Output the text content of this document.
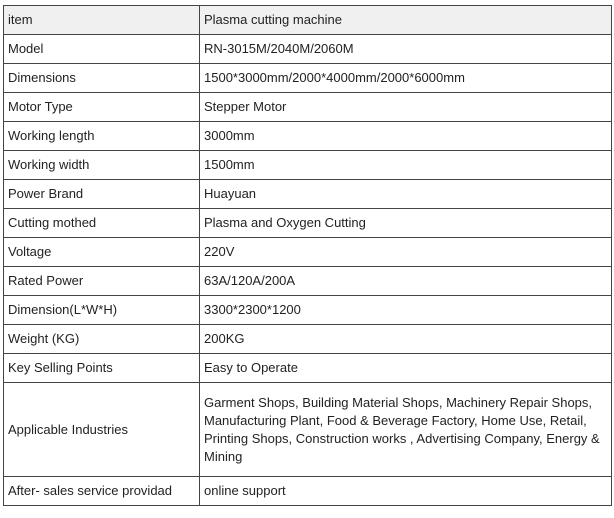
item	Plasma cutting machine
Model	RN-3015M/2040M/2060M
Dimensions	1500*3000mm/2000*4000mm/2000*6000mm
Motor Type	Stepper Motor
Working length	3000mm
Working width	1500mm
Power Brand	Huayuan
Cutting mothed	Plasma and Oxygen Cutting
Voltage	220V
Rated Power	63A/120A/200A
Dimension(L*W*H)	3300*2300*1200
Weight (KG)	200KG
Key Selling Points	Easy to Operate
Applicable Industries	Garment Shops, Building Material Shops, Machinery Repair Shops, Manufacturing Plant, Food & Beverage Factory, Home Use, Retail, Printing Shops, Construction works , Advertising Company, Energy & Mining
After- sales service providad	online support
